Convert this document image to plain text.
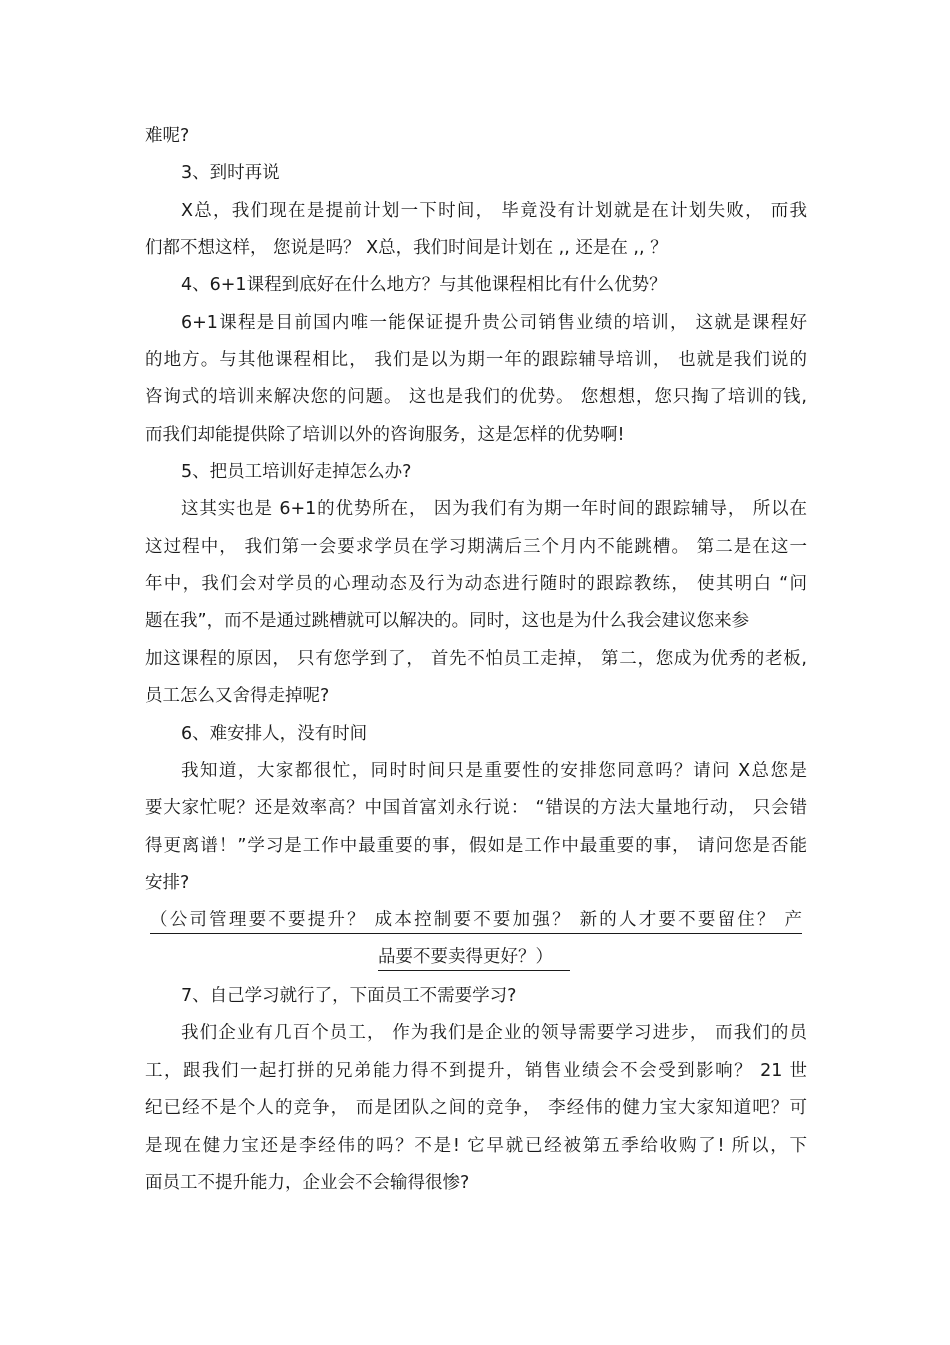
难呢?
3、到时再说
X总，我们现在是提前计划一下时间， 毕竟没有计划就是在计划失败， 而我
们都不想这样， 您说是吗？ X总，我们时间是计划在 ,, 还是在 ,, ？
4、6+1课程到底好在什么地方？与其他课程相比有什么优势？
6+1课程是目前国内唯一能保证提升贵公司销售业绩的培训， 这就是课程好
的地方。与其他课程相比， 我们是以为期一年的跟踪辅导培训， 也就是我们说的
咨询式的培训来解决您的问题。 这也是我们的优势。 您想想，您只掏了培训的钱,
而我们却能提供除了培训以外的咨询服务，这是怎样的优势啊!
5、把员工培训好走掉怎么办?
这其实也是 6+1的优势所在， 因为我们有为期一年时间的跟踪辅导， 所以在
这过程中， 我们第一会要求学员在学习期满后三个月内不能跳槽。 第二是在这一
年中，我们会对学员的心理动态及行为动态进行随时的跟踪教练， 使其明白 “问
题在我”，而不是通过跳槽就可以解决的。同时，这也是为什么我会建议您来参
加这课程的原因， 只有您学到了， 首先不怕员工走掉， 第二，您成为优秀的老板,
员工怎么又舍得走掉呢?
6、难安排人，没有时间
我知道，大家都很忙，同时时间只是重要性的安排您同意吗？请问 X总您是
要大家忙呢？还是效率高？中国首富刘永行说： “错误的方法大量地行动， 只会错
得更离谱！”学习是工作中最重要的事，假如是工作中最重要的事， 请问您是否能
安排?
（公司管理要不要提升？ 成本控制要不要加强？ 新的人才要不要留住？ 产
品要不要卖得更好？）
7、自己学习就行了，下面员工不需要学习?
我们企业有几百个员工， 作为我们是企业的领导需要学习进步， 而我们的员
工，跟我们一起打拼的兄弟能力得不到提升，销售业绩会不会受到影响？ 21 世
纪已经不是个人的竞争， 而是团队之间的竞争， 李经伟的健力宝大家知道吧？可
是现在健力宝还是李经伟的吗？不是! 它早就已经被第五季给收购了! 所以，下
面员工不提升能力，企业会不会输得很惨?
